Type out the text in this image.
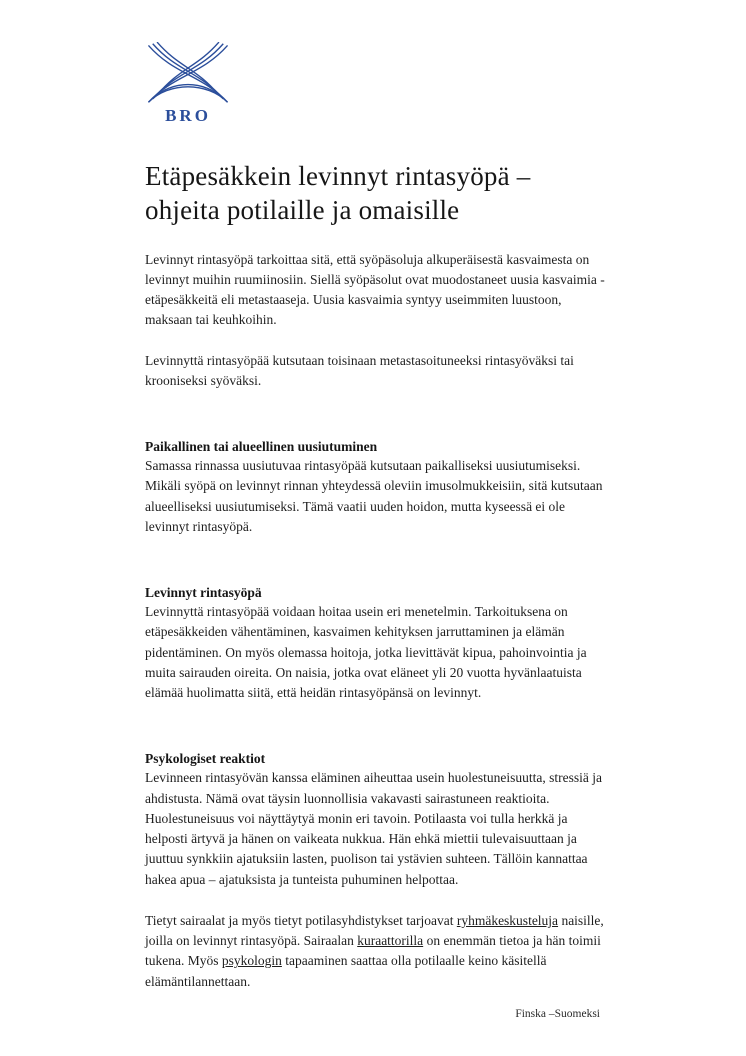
BRO
Etäpesäkkein levinnyt rintasyöpä –
ohjeita potilaille ja omaisille

Levinnyt rintasyöpä tarkoittaa sitä, että syöpäsoluja alkuperäisestä kasvaimesta on levinnyt muihin ruumiinosiin. Siellä syöpäsolut ovat muodostaneet uusia kasvaimia - etäpesäkkeitä eli metastaaseja. Uusia kasvaimia syntyy useimmiten luustoon, maksaan tai keuhkoihin.

Levinnyttä rintasyöpää kutsutaan toisinaan metastasoituneeksi rintasyöväksi tai krooniseksi syöväksi.

Paikallinen tai alueellinen uusiutuminen

Samassa rinnassa uusiutuvaa rintasyöpää kutsutaan paikalliseksi uusiutumiseksi. Mikäli syöpä on levinnyt rinnan yhteydessä oleviin imusolmukkeisiin, sitä kutsutaan alueelliseksi uusiutumiseksi. Tämä vaatii uuden hoidon, mutta kyseessä ei ole levinnyt rintasyöpä.

Levinnyt rintasyöpä

Levinnyttä rintasyöpää voidaan hoitaa usein eri menetelmin. Tarkoituksena on etäpesäkkeiden vähentäminen, kasvaimen kehityksen jarruttaminen ja elämän pidentäminen. On myös olemassa hoitoja, jotka lievittävät kipua, pahoinvointia ja muita sairauden oireita. On naisia, jotka ovat eläneet yli 20 vuotta hyvänlaatuista elämää huolimatta siitä, että heidän rintasyöpänsä on levinnyt.

Psykologiset reaktiot

Levinneen rintasyövän kanssa eläminen aiheuttaa usein huolestuneisuutta, stressiä ja ahdistusta. Nämä ovat täysin luonnollisia vakavasti sairastuneen reaktioita. Huolestuneisuus voi näyttäytyä monin eri tavoin. Potilaasta voi tulla herkkä ja helposti ärtyvä ja hänen on vaikeata nukkua. Hän ehkä miettii tulevaisuuttaan ja juuttuu synkkiin ajatuksiin lasten, puolison tai ystävien suhteen. Tällöin kannattaa hakea apua – ajatuksista ja tunteista puhuminen helpottaa.

Tietyt sairaalat ja myös tietyt potilasyhdistykset tarjoavat ryhmäkeskusteluja naisille, joilla on levinnyt rintasyöpä. Sairaalan kuraattorilla on enemmän tietoa ja hän toimii tukena. Myös psykologin tapaaminen saattaa olla potilaalle keino käsitellä elämäntilannettaan.

Finska –Suomeksi
